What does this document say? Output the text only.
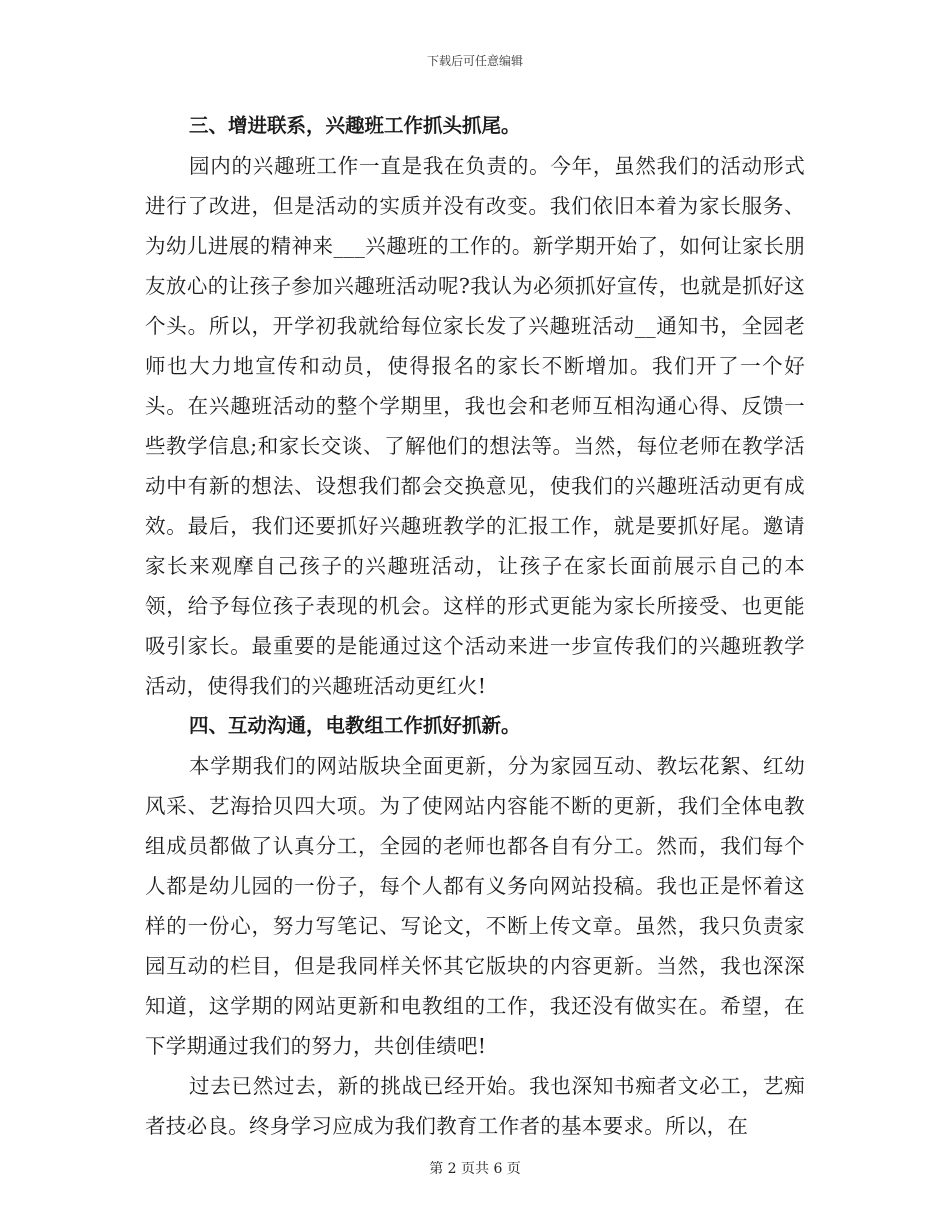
下载后可任意编辑

三、增进联系，兴趣班工作抓头抓尾。

园内的兴趣班工作一直是我在负责的。今年，虽然我们的活动形式进行了改进，但是活动的实质并没有改变。我们依旧本着为家长服务、为幼儿进展的精神来___兴趣班的工作的。新学期开始了，如何让家长朋友放心的让孩子参加兴趣班活动呢?我认为必须抓好宣传，也就是抓好这个头。所以，开学初我就给每位家长发了兴趣班活动__通知书，全园老师也大力地宣传和动员，使得报名的家长不断增加。我们开了一个好头。在兴趣班活动的整个学期里，我也会和老师互相沟通心得、反馈一些教学信息;和家长交谈、了解他们的想法等。当然，每位老师在教学活动中有新的想法、设想我们都会交换意见，使我们的兴趣班活动更有成效。最后，我们还要抓好兴趣班教学的汇报工作，就是要抓好尾。邀请家长来观摩自己孩子的兴趣班活动，让孩子在家长面前展示自己的本领，给予每位孩子表现的机会。这样的形式更能为家长所接受、也更能吸引家长。最重要的是能通过这个活动来进一步宣传我们的兴趣班教学活动，使得我们的兴趣班活动更红火!

四、互动沟通，电教组工作抓好抓新。

本学期我们的网站版块全面更新，分为家园互动、教坛花絮、红幼风采、艺海拾贝四大项。为了使网站内容能不断的更新，我们全体电教组成员都做了认真分工，全园的老师也都各自有分工。然而，我们每个人都是幼儿园的一份子，每个人都有义务向网站投稿。我也正是怀着这样的一份心，努力写笔记、写论文，不断上传文章。虽然，我只负责家园互动的栏目，但是我同样关怀其它版块的内容更新。当然，我也深深知道，这学期的网站更新和电教组的工作，我还没有做实在。希望，在下学期通过我们的努力，共创佳绩吧!

过去已然过去，新的挑战已经开始。我也深知书痴者文必工，艺痴者技必良。终身学习应成为我们教育工作者的基本要求。所以，在

第 2 页共 6 页
